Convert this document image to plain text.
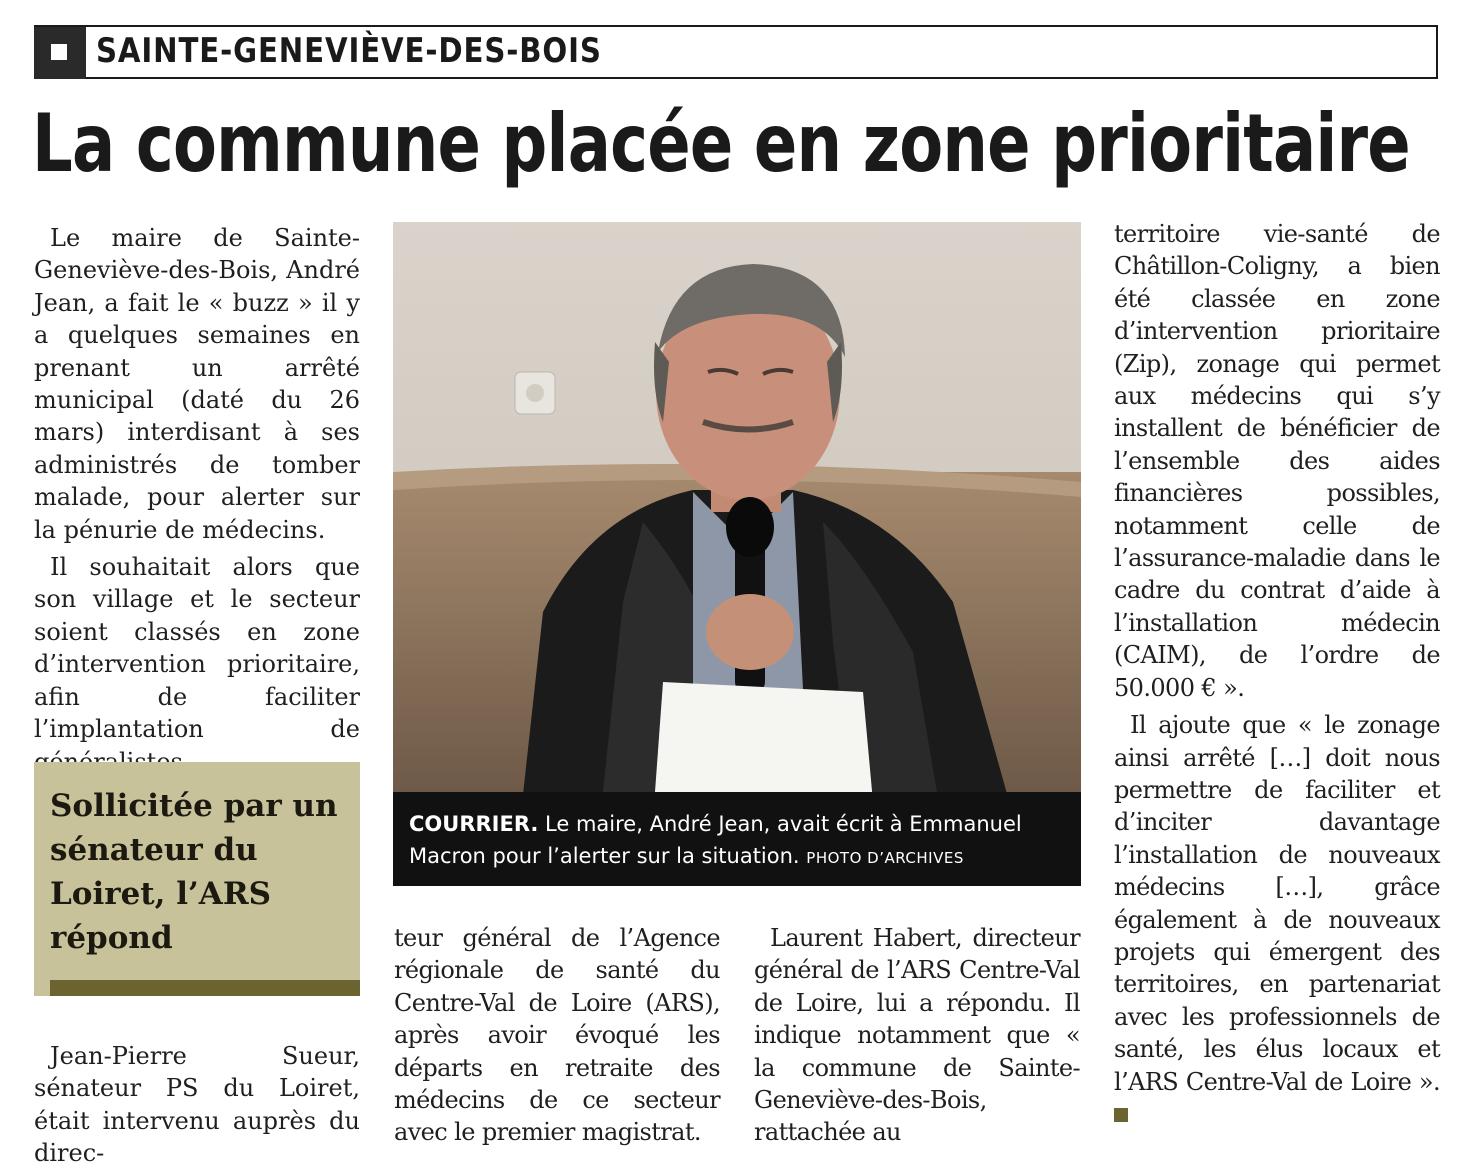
SAINTE-GENEVIÈVE-DES-BOIS
La commune placée en zone prioritaire

Le maire de Sainte-Geneviève-des-Bois, André Jean, a fait le « buzz » il y a quelques semaines en prenant un arrêté municipal (daté du 26 mars) interdisant à ses administrés de tomber malade, pour alerter sur la pénurie de médecins.

Il souhaitait alors que son village et le secteur soient classés en zone d’intervention prioritaire, afin de faciliter l’implantation de

Sollicitée par un sénateur du Loiret, l’ARS répond

Jean-Pierre Sueur, sénateur PS du Loiret, était intervenu auprès du direc-

COURRIER. Le maire, André Jean, avait écrit à Emmanuel Macron pour l’alerter sur la situation. PHOTO D’ARCHIVES

teur général de l’Agence régionale de santé du Centre-Val de Loire (ARS), après avoir évoqué les départs en retraite des médecins de ce secteur avec le premier magistrat.

Laurent Habert, directeur général de l’ARS Centre-Val de Loire, lui a répondu. Il indique notamment que « la commune de Sainte-Geneviève-des-Bois, rattachée au

territoire vie-santé de Châtillon-Coligny, a bien été classée en zone d’intervention prioritaire (Zip), zonage qui permet aux médecins qui s’y installent de bénéficier de l’ensemble des aides financières possibles, notamment celle de l’assurance-maladie dans le cadre du contrat d’aide à l’installation médecin (CAIM), de l’ordre de 50.000 € ».

Il ajoute que « le zonage ainsi arrêté […] doit nous permettre de faciliter et d’inciter davantage l’installation de nouveaux médecins […], grâce également à de nouveaux projets qui émergent des territoires, en partenariat avec les professionnels de santé, les élus locaux et l’ARS Centre-Val de Loire ».
